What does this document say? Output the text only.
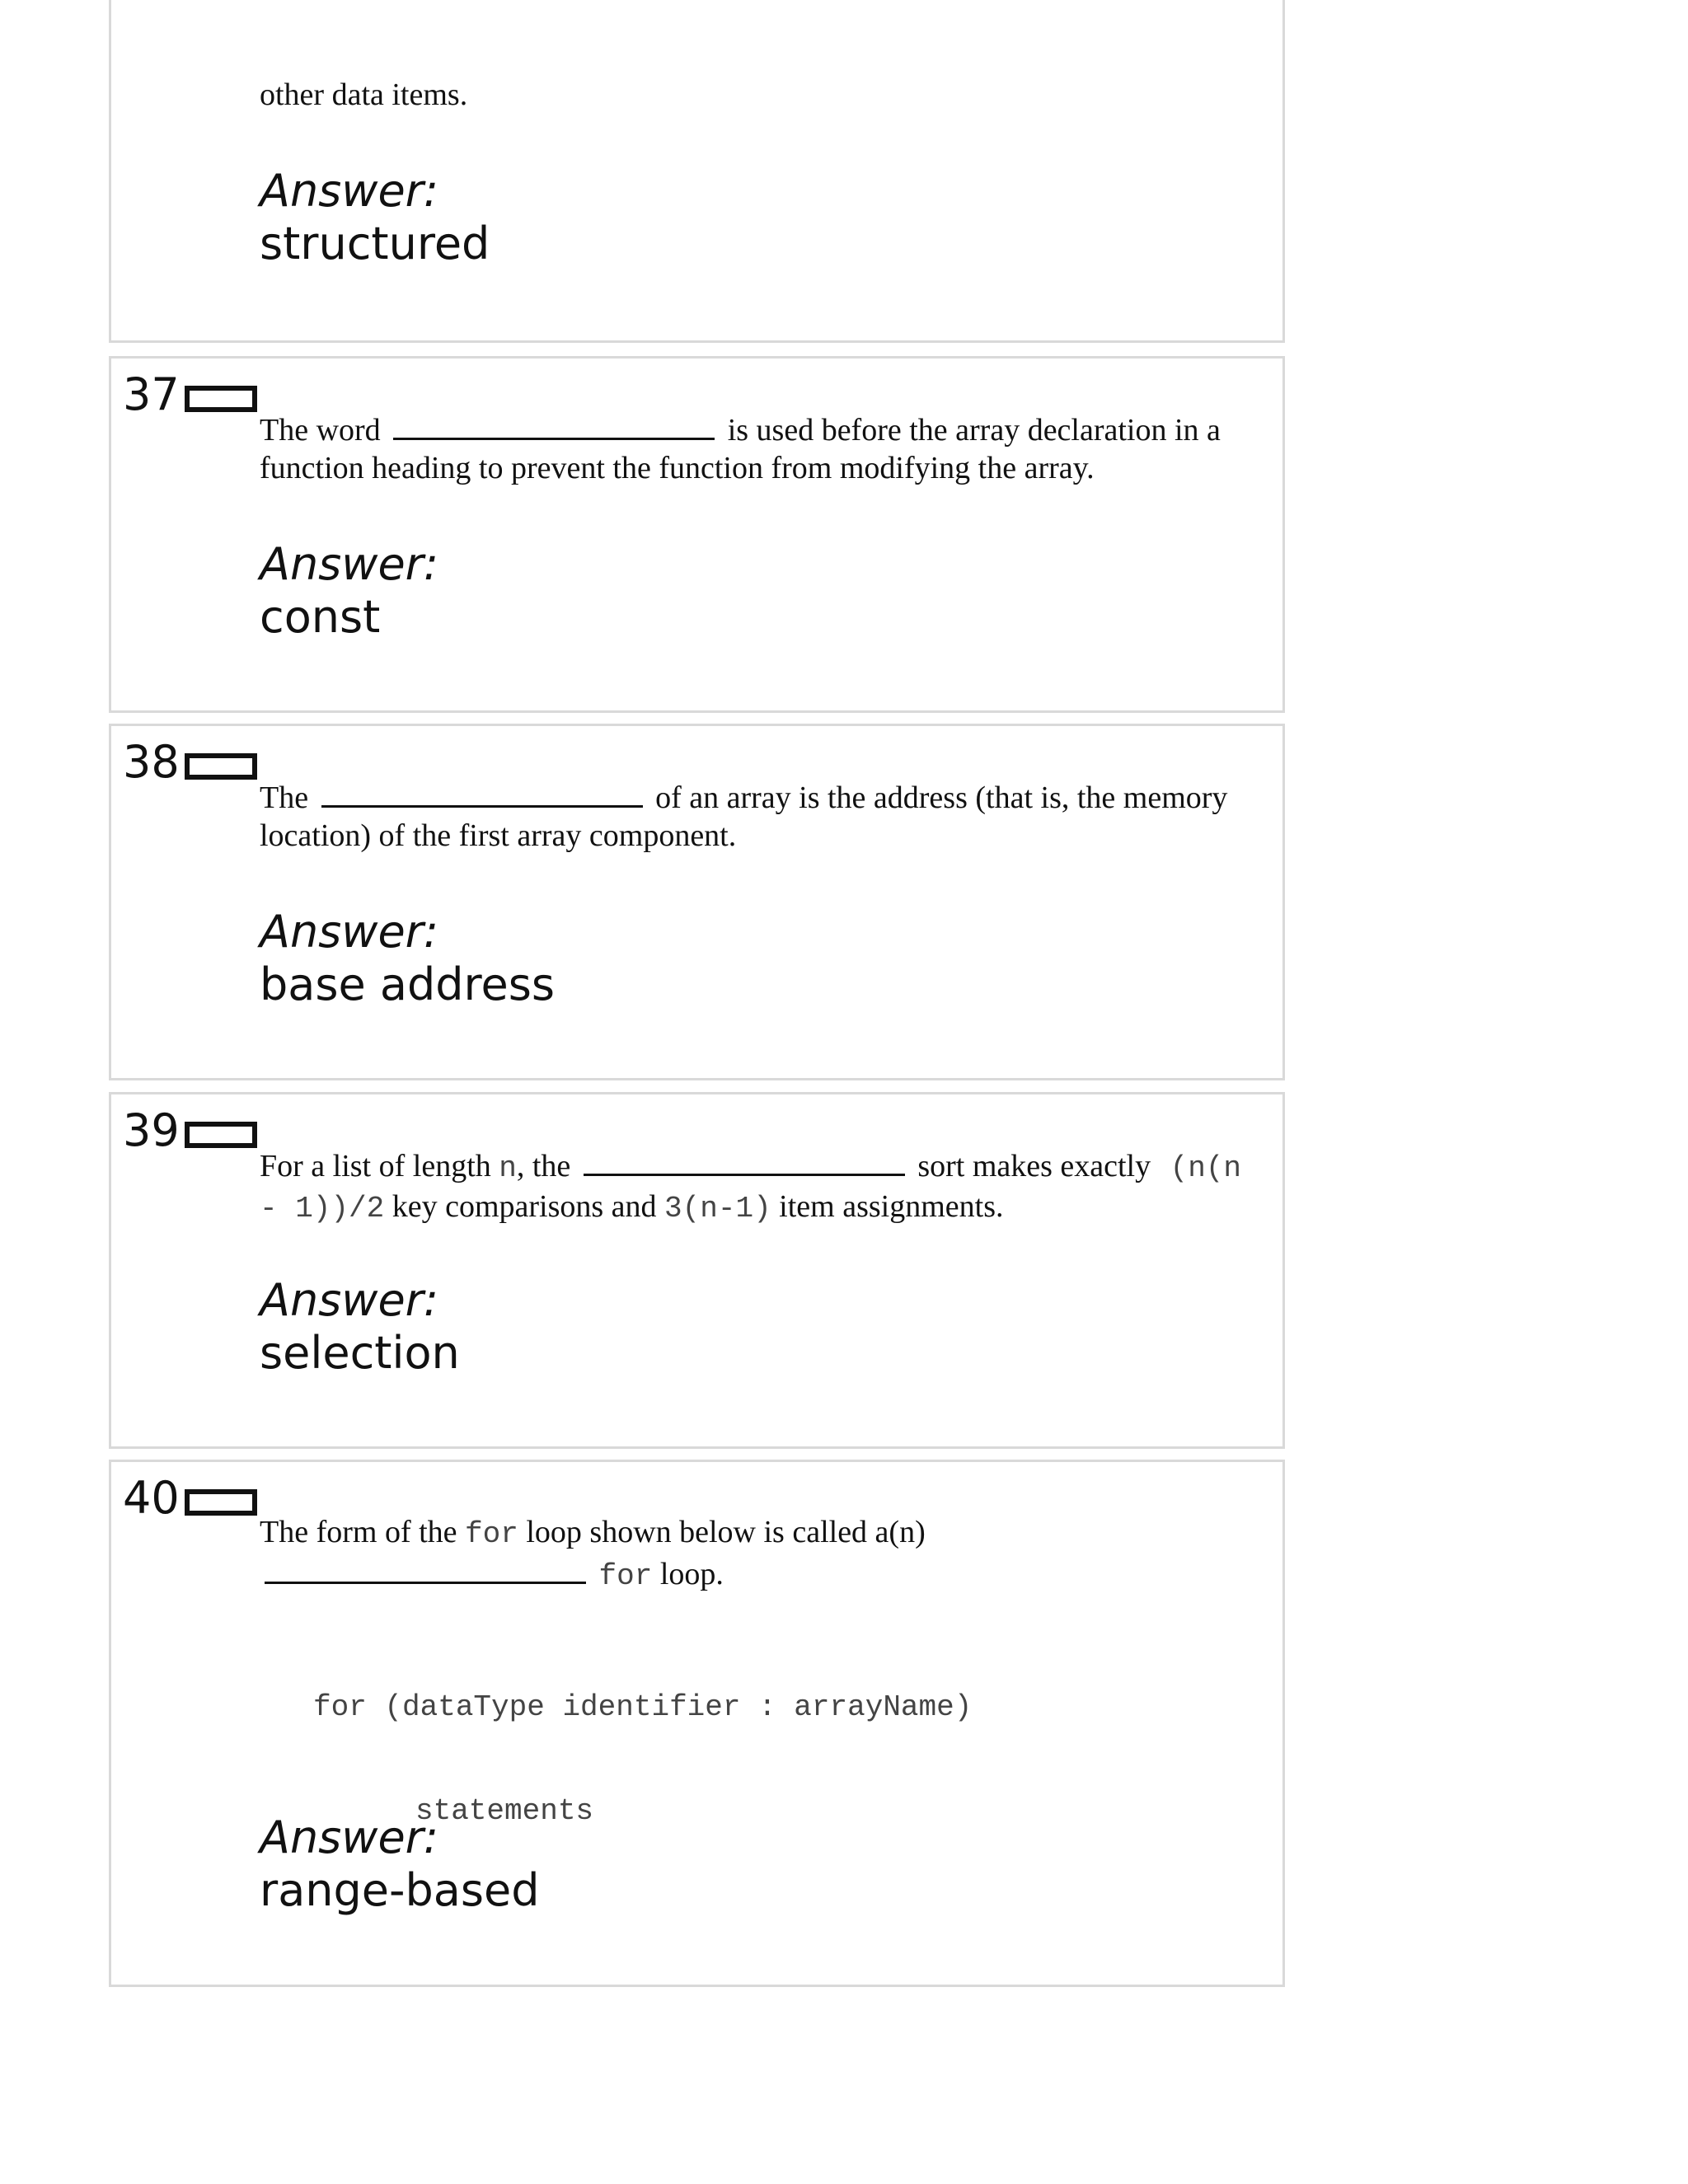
other data items.
Answer:
structured
37
The word	is used before the array declaration in a
function heading to prevent the function from modifying the array.
Answer:
const
38
The	of an array is the address (that is, the memory
location) of the first array component.
Answer:
base address
39
For a list of length n, the	sort makes exactly (n(n
- 1))/2 key comparisons and 3(n-1) item assignments.
Answer:
selection
40
The form of the for loop shown below is called a(n)
for loop.

for (dataType identifier : arrayName)

statements

Answer:
range-based
